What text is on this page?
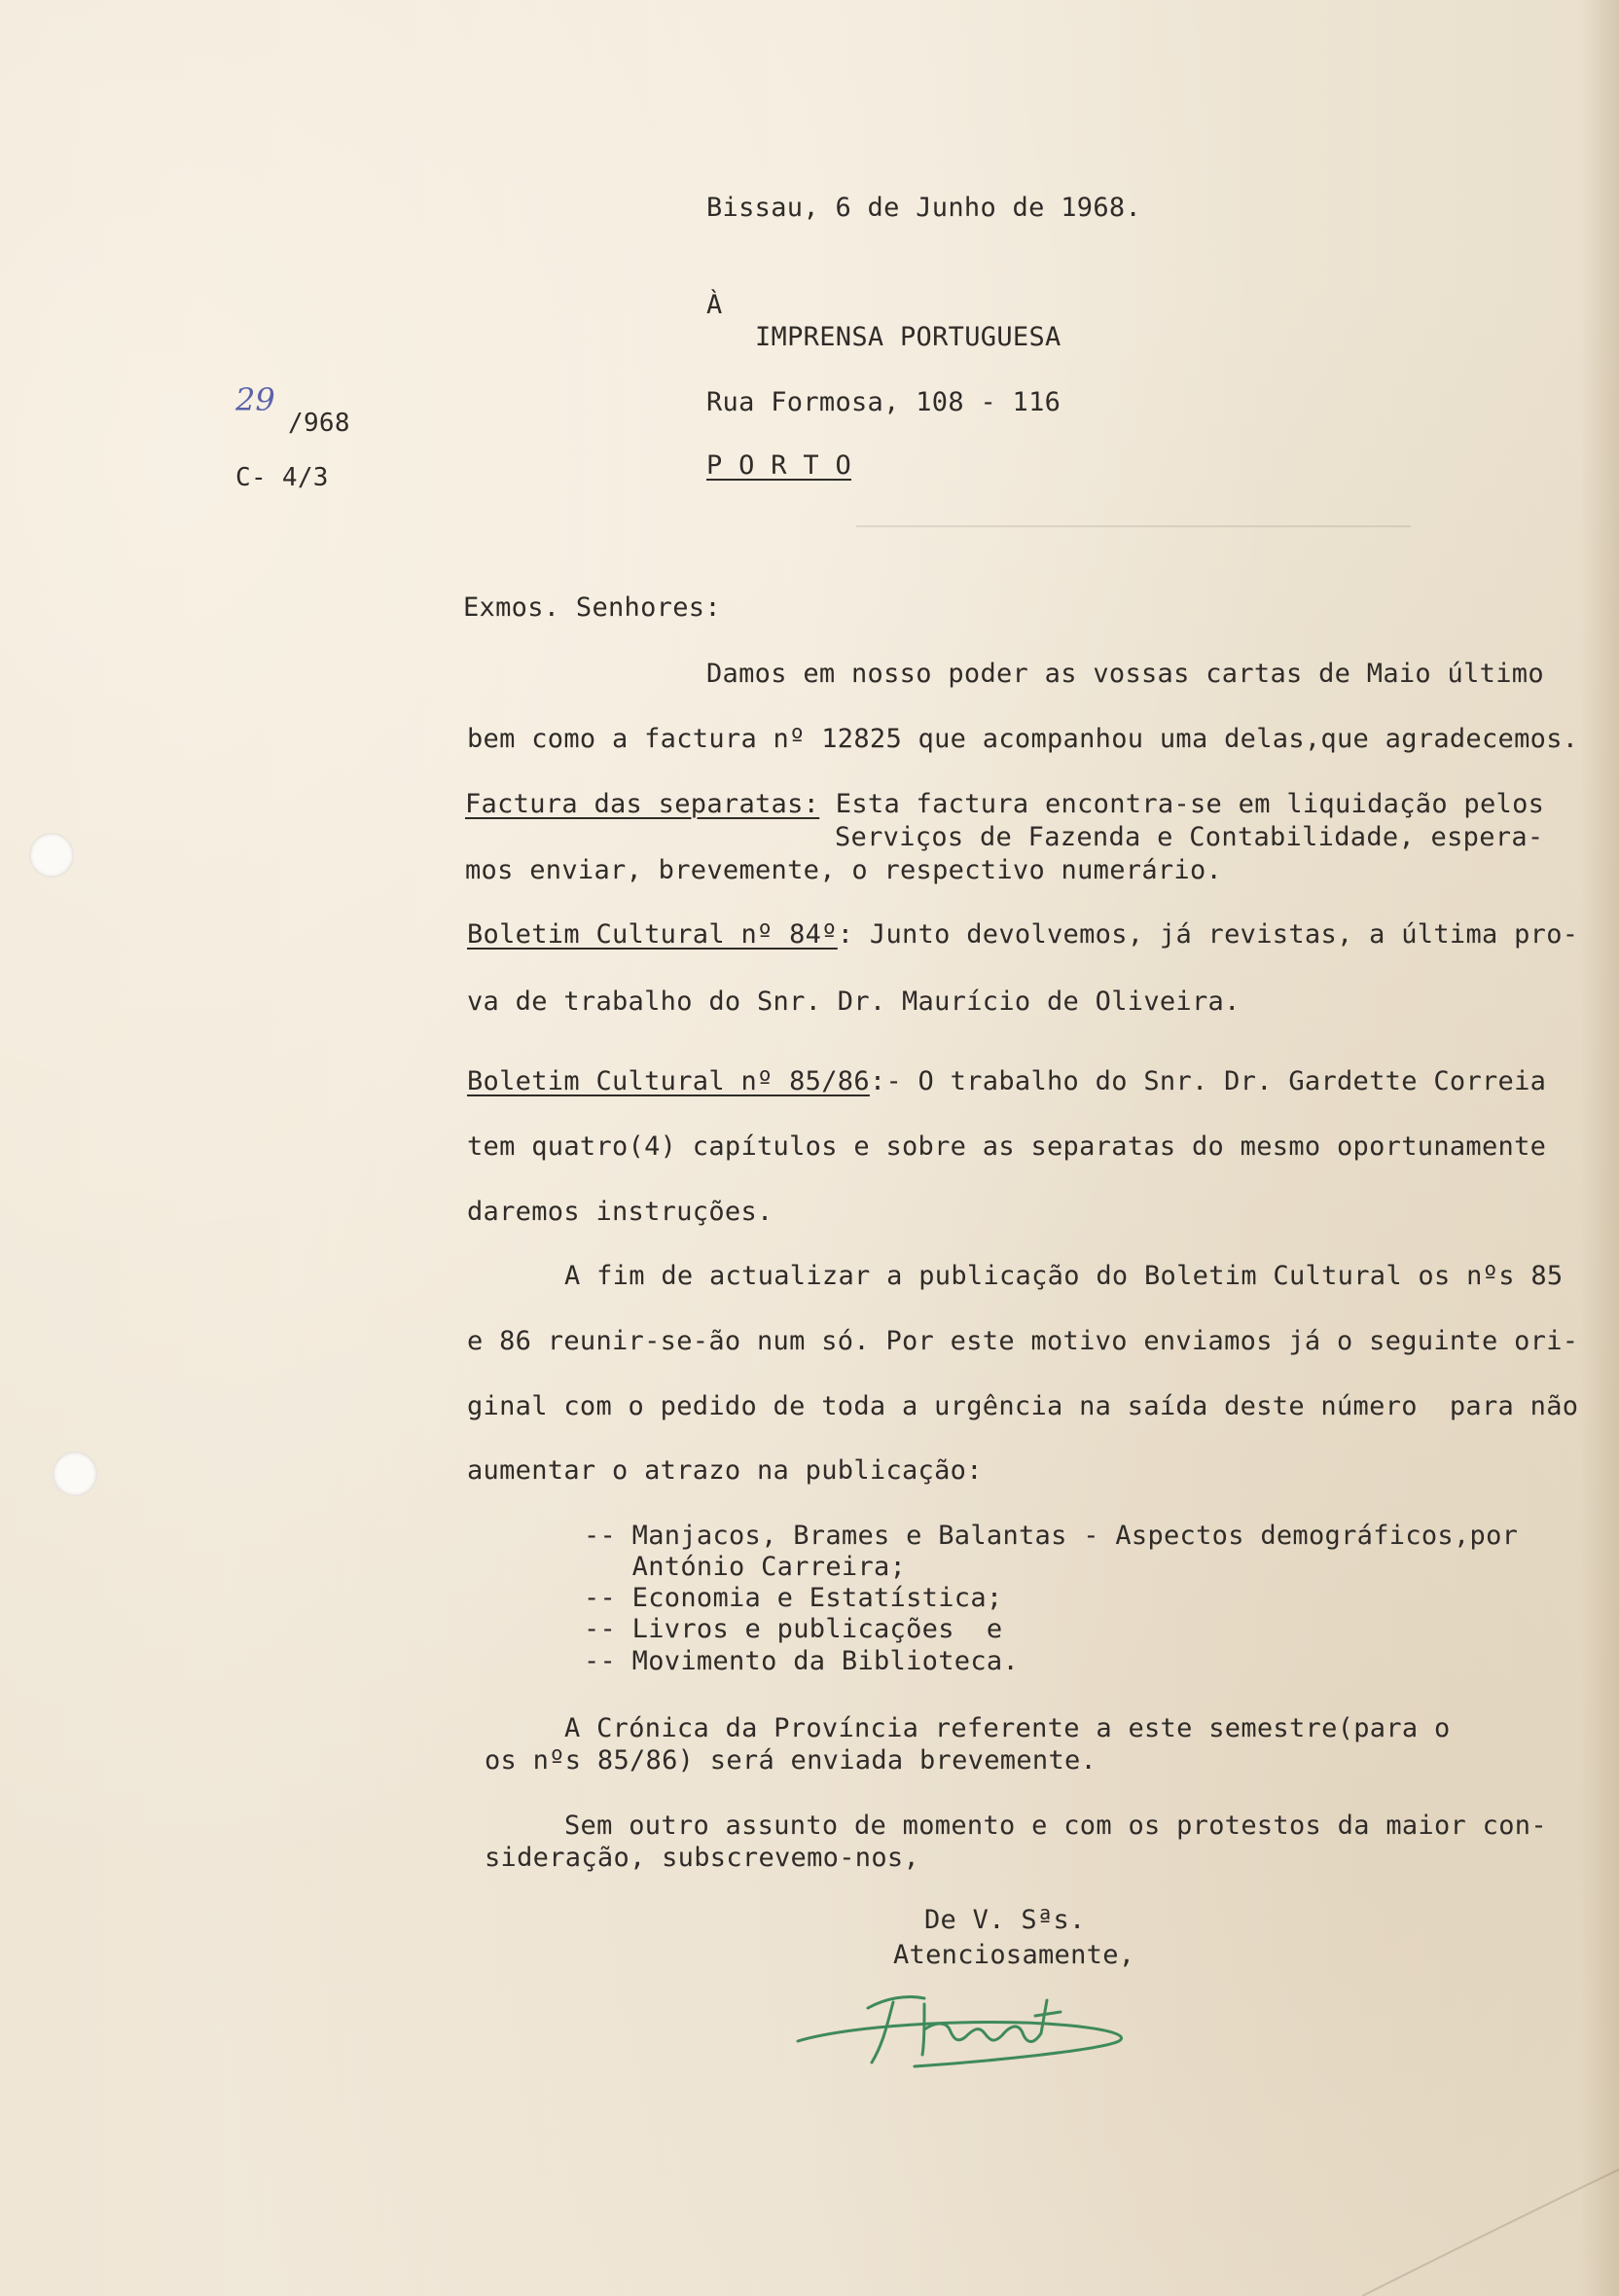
29

/968

C- 4/3

Bissau, 6 de Junho de 1968.

À

IMPRENSA PORTUGUESA

Rua Formosa, 108 - 116

P O R T O

Exmos. Senhores:

Damos em nosso poder as vossas cartas de Maio último

bem como a factura nº 12825 que acompanhou uma delas,que agradecemos.

Factura das separatas: Esta factura encontra-se em liquidação pelos

Serviços de Fazenda e Contabilidade, espera-

mos enviar, brevemente, o respectivo numerário.

Boletim Cultural nº 84º: Junto devolvemos, já revistas, a última pro-

va de trabalho do Snr. Dr. Maurício de Oliveira.

Boletim Cultural nº 85/86:- O trabalho do Snr. Dr. Gardette Correia

tem quatro(4) capítulos e sobre as separatas do mesmo oportunamente

daremos instruções.

A fim de actualizar a publicação do Boletim Cultural os nºs 85

e 86 reunir-se-ão num só. Por este motivo enviamos já o seguinte ori-

ginal com o pedido de toda a urgência na saída deste número  para não

aumentar o atrazo na publicação:

-- Manjacos, Brames e Balantas - Aspectos demográficos,por

António Carreira;

-- Economia e Estatística;

-- Livros e publicações  e

-- Movimento da Biblioteca.

A Crónica da Província referente a este semestre(para o

os nºs 85/86) será enviada brevemente.

Sem outro assunto de momento e com os protestos da maior con-

sideração, subscrevemo-nos,

De V. Sªs.

Atenciosamente,
